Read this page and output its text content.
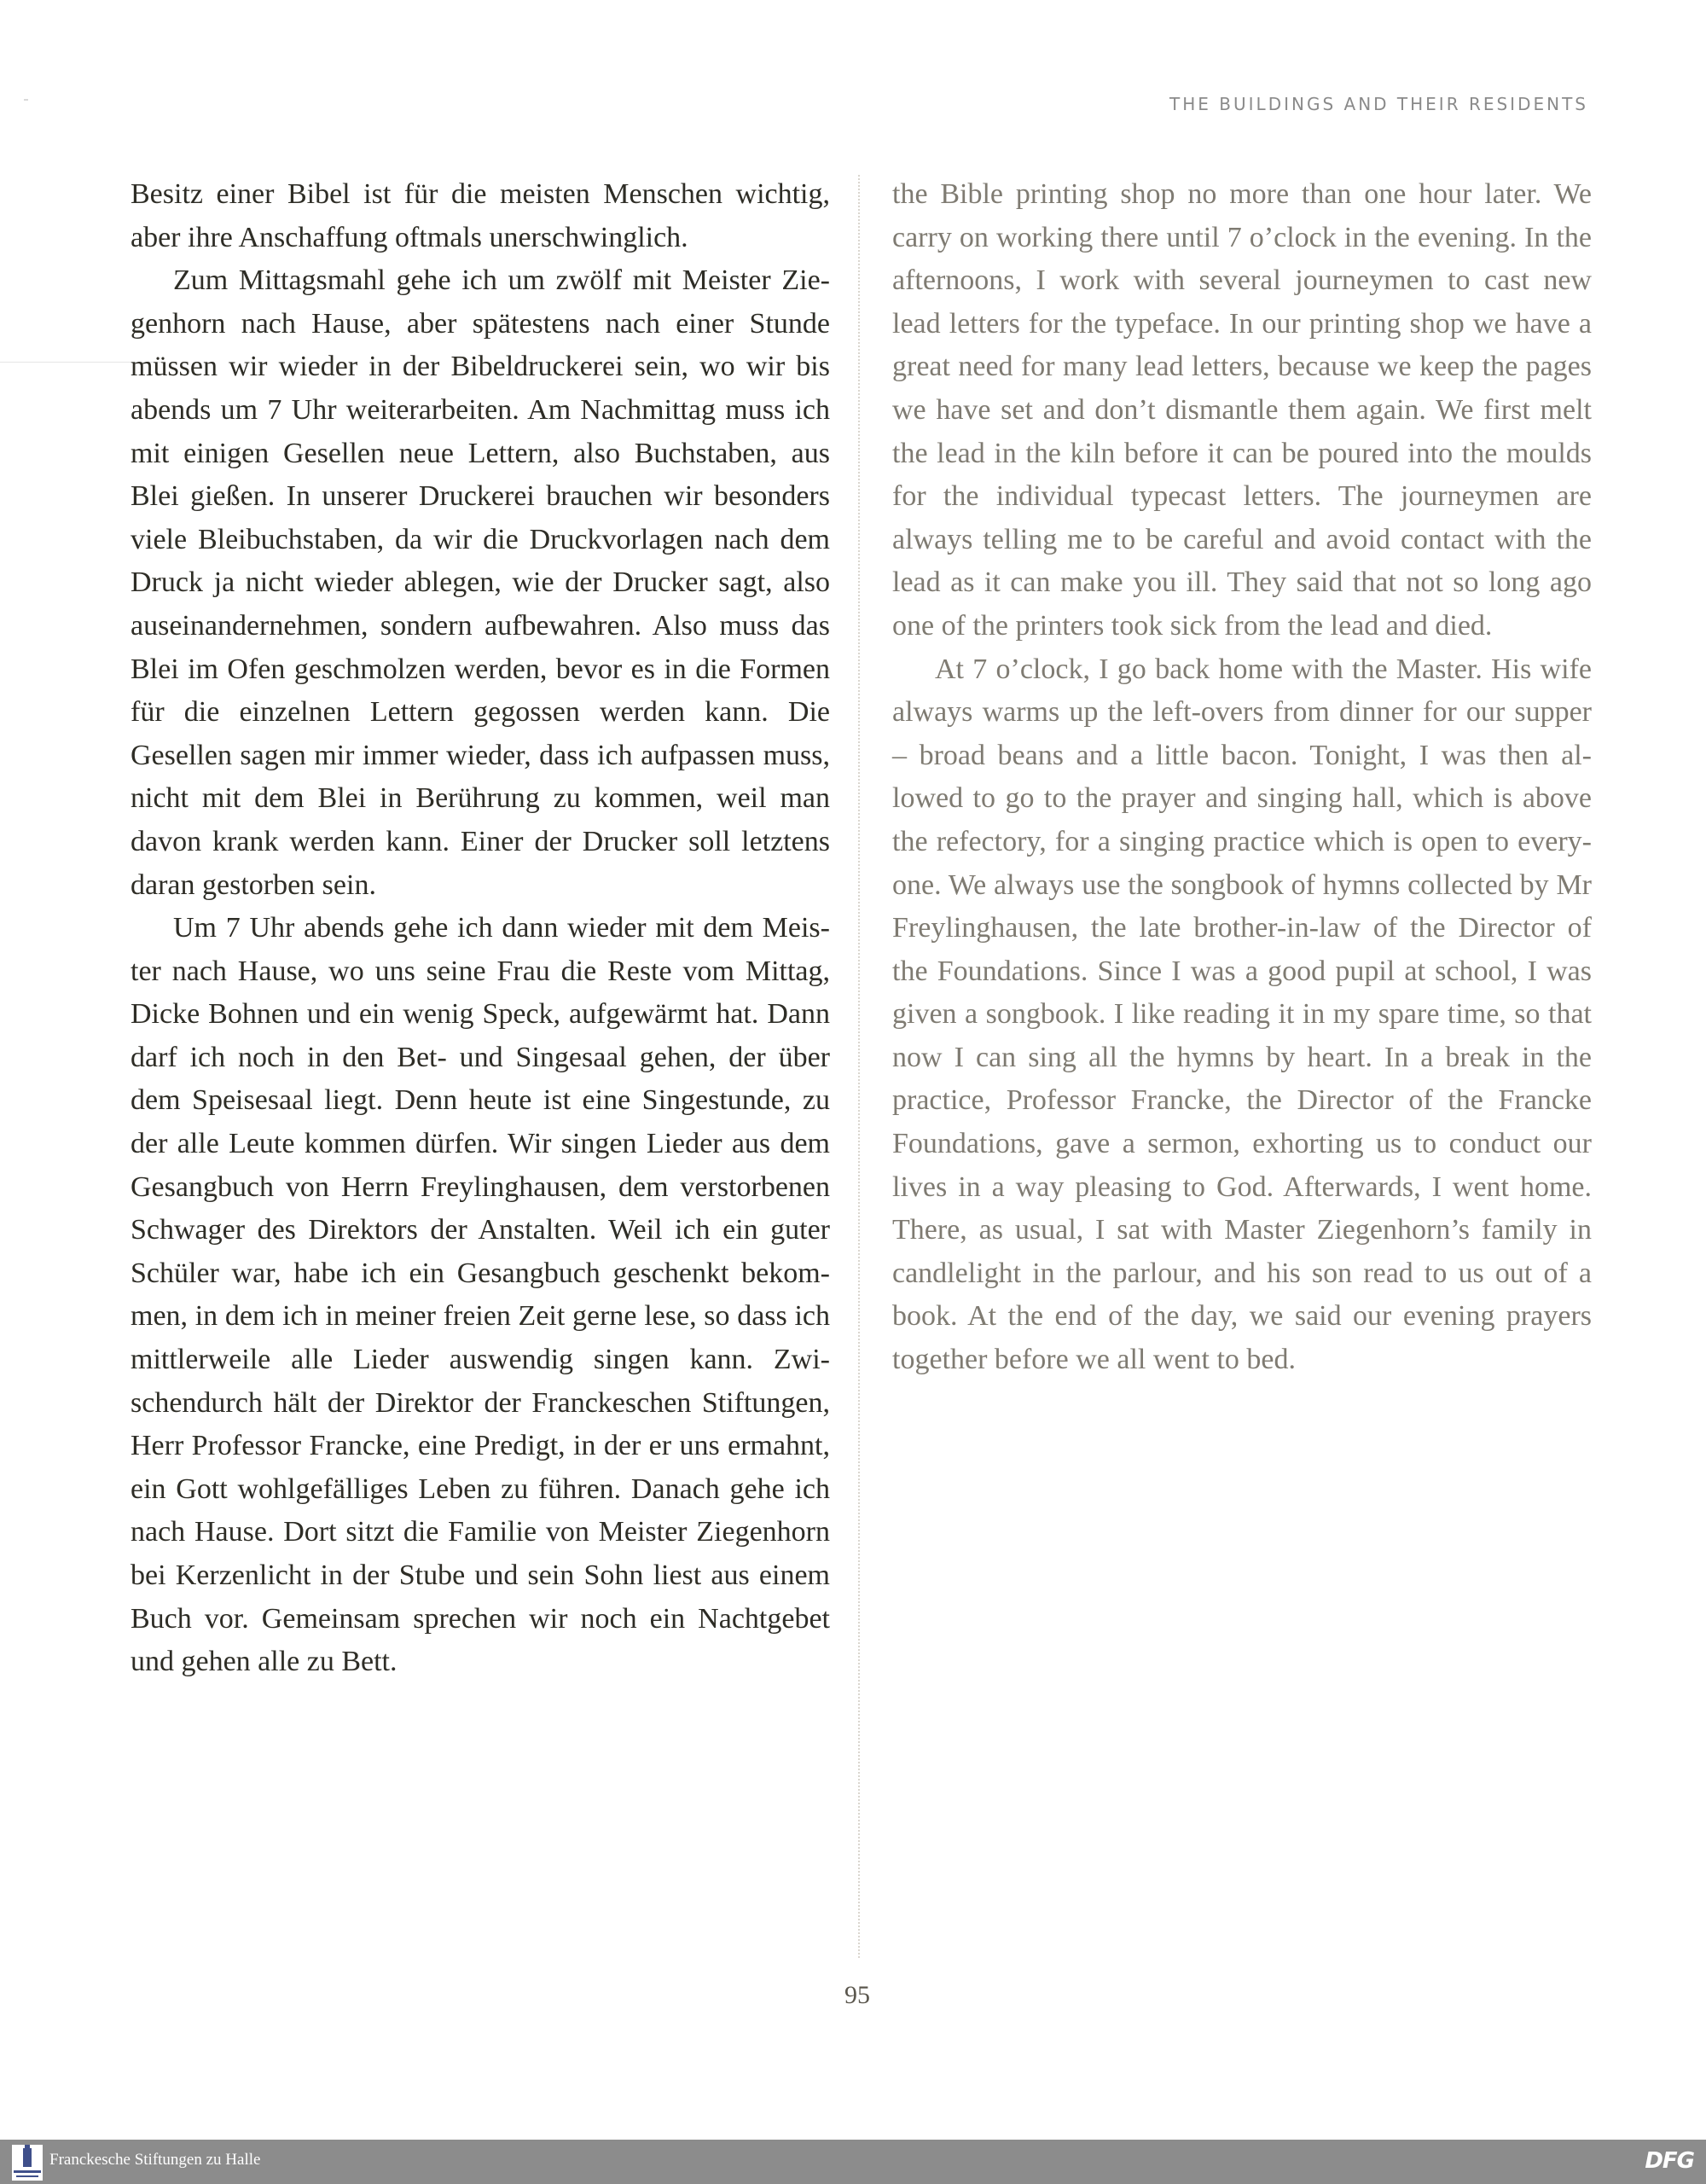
THE BUILDINGS AND THEIR RESIDENTS

Besitz einer Bibel ist für die meisten Menschen wichtig, aber ihre Anschaffung oftmals unerschwinglich.

Zum Mittagsmahl gehe ich um zwölf mit Meister Ziegenhorn nach Hause, aber spätestens nach einer Stunde müssen wir wieder in der Bibeldruckerei sein, wo wir bis abends um 7 Uhr weiterarbeiten. Am Nachmittag muss ich mit einigen Gesellen neue Lettern, also Buchstaben, aus Blei gießen. In unserer Druckerei brauchen wir besonders viele Bleibuchstaben, da wir die Druckvorlagen nach dem Druck ja nicht wieder ablegen, wie der Drucker sagt, also auseinandernehmen, sondern aufbewahren. Also muss das Blei im Ofen geschmolzen werden, bevor es in die Formen für die einzelnen Lettern gegossen werden kann. Die Gesellen sagen mir immer wieder, dass ich aufpassen muss, nicht mit dem Blei in Berührung zu kommen, weil man davon krank werden kann. Einer der Drucker soll letztens daran gestorben sein.

Um 7 Uhr abends gehe ich dann wieder mit dem Meister nach Hause, wo uns seine Frau die Reste vom Mittag, Dicke Bohnen und ein wenig Speck, aufgewärmt hat. Dann darf ich noch in den Bet- und Singesaal gehen, der über dem Speisesaal liegt. Denn heute ist eine Singestunde, zu der alle Leute kommen dürfen. Wir singen Lieder aus dem Gesangbuch von Herrn Freylinghausen, dem verstorbenen Schwager des Direktors der Anstalten. Weil ich ein guter Schüler war, habe ich ein Gesangbuch geschenkt bekommen, in dem ich in meiner freien Zeit gerne lese, so dass ich mittlerweile alle Lieder auswendig singen kann. Zwischendurch hält der Direktor der Franckeschen Stiftungen, Herr Professor Francke, eine Predigt, in der er uns ermahnt, ein Gott wohlgefälliges Leben zu führen. Danach gehe ich nach Hause. Dort sitzt die Familie von Meister Ziegenhorn bei Kerzenlicht in der Stube und sein Sohn liest aus einem Buch vor. Gemeinsam sprechen wir noch ein Nachtgebet und gehen alle zu Bett.

the Bible printing shop no more than one hour later. We carry on working there until 7 o’clock in the evening. In the afternoons, I work with several journeymen to cast new lead letters for the typeface. In our printing shop we have a great need for many lead letters, because we keep the pages we have set and don’t dismantle them again. We first melt the lead in the kiln before it can be poured into the moulds for the individual typecast letters. The journeymen are always telling me to be careful and avoid contact with the lead as it can make you ill. They said that not so long ago one of the printers took sick from the lead and died.

At 7 o’clock, I go back home with the Master. His wife always warms up the left-overs from dinner for our supper – broad beans and a little bacon. Tonight, I was then allowed to go to the prayer and singing hall, which is above the refectory, for a singing practice which is open to everyone. We always use the songbook of hymns collected by Mr Freylinghausen, the late brother-in-law of the Director of the Foundations. Since I was a good pupil at school, I was given a songbook. I like reading it in my spare time, so that now I can sing all the hymns by heart. In a break in the practice, Professor Francke, the Director of the Francke Foundations, gave a sermon, exhorting us to conduct our lives in a way pleasing to God. Afterwards, I went home. There, as usual, I sat with Master Ziegenhorn’s family in candlelight in the parlour, and his son read to us out of a book. At the end of the day, we said our evening prayers together before we all went to bed.

95
Franckesche Stiftungen zu Halle	DFG
